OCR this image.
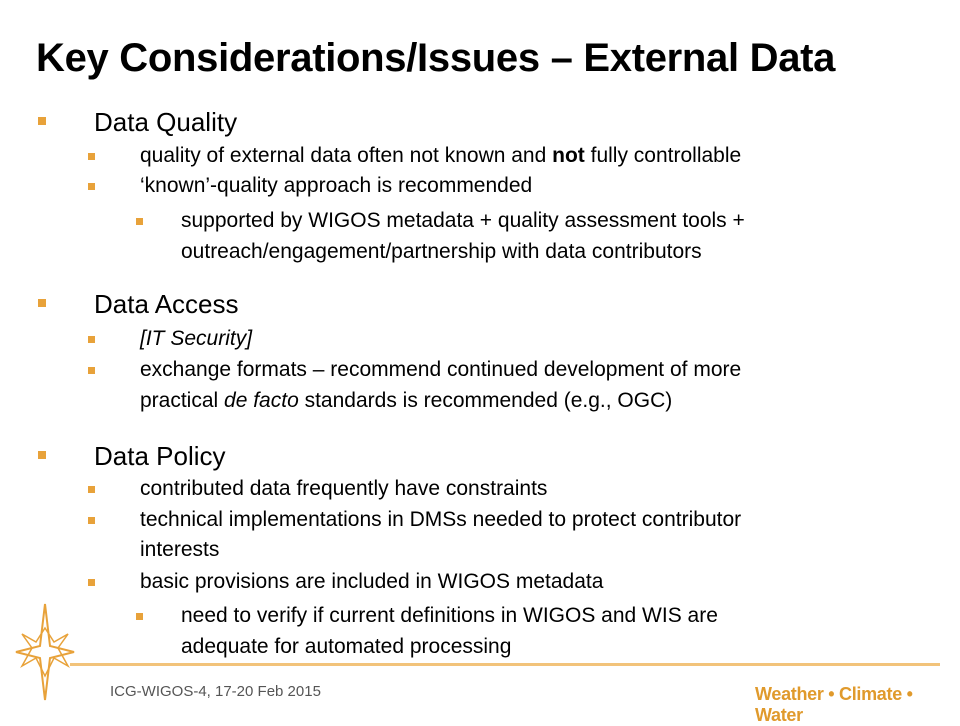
Key Considerations/Issues – External Data
Data Quality
quality of external data often not known and not fully controllable
‘known’-quality approach is recommended
supported by WIGOS metadata + quality assessment tools +
outreach/engagement/partnership with data contributors
Data Access
[IT Security]
exchange formats – recommend continued development of more
practical de facto standards is recommended (e.g., OGC)
Data Policy
contributed data frequently have constraints
technical implementations in DMSs needed to protect contributor
interests
basic provisions are included in WIGOS metadata
need to verify if current definitions in WIGOS and WIS are
adequate for automated processing
ICG-WIGOS-4, 17-20 Feb 2015	Weather • Climate • Water
